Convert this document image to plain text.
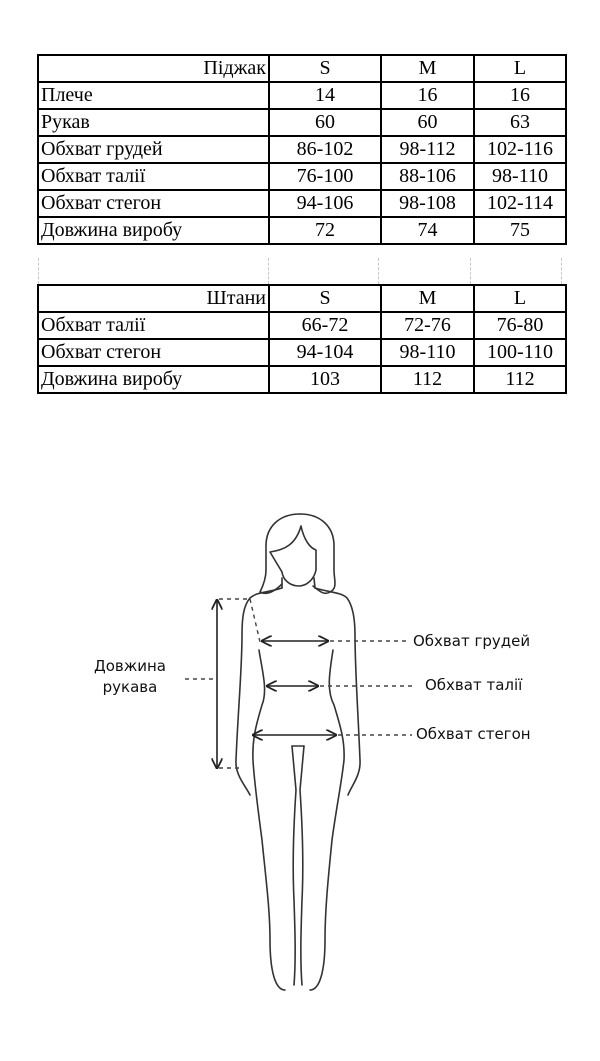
Піджак	S	M	L
Плече	14	16	16
Рукав	60	60	63
Обхват грудей	86-102	98-112	102-116
Обхват талії	76-100	88-106	98-110
Обхват стегон	94-106	98-108	102-114
Довжина виробу	72	74	75
Штани	S	M	L
Обхват талії	66-72	72-76	76-80
Обхват стегон	94-104	98-110	100-110
Довжина виробу	103	112	112
Довжина
рукава
Обхват грудей
Обхват талії
Обхват стегон
